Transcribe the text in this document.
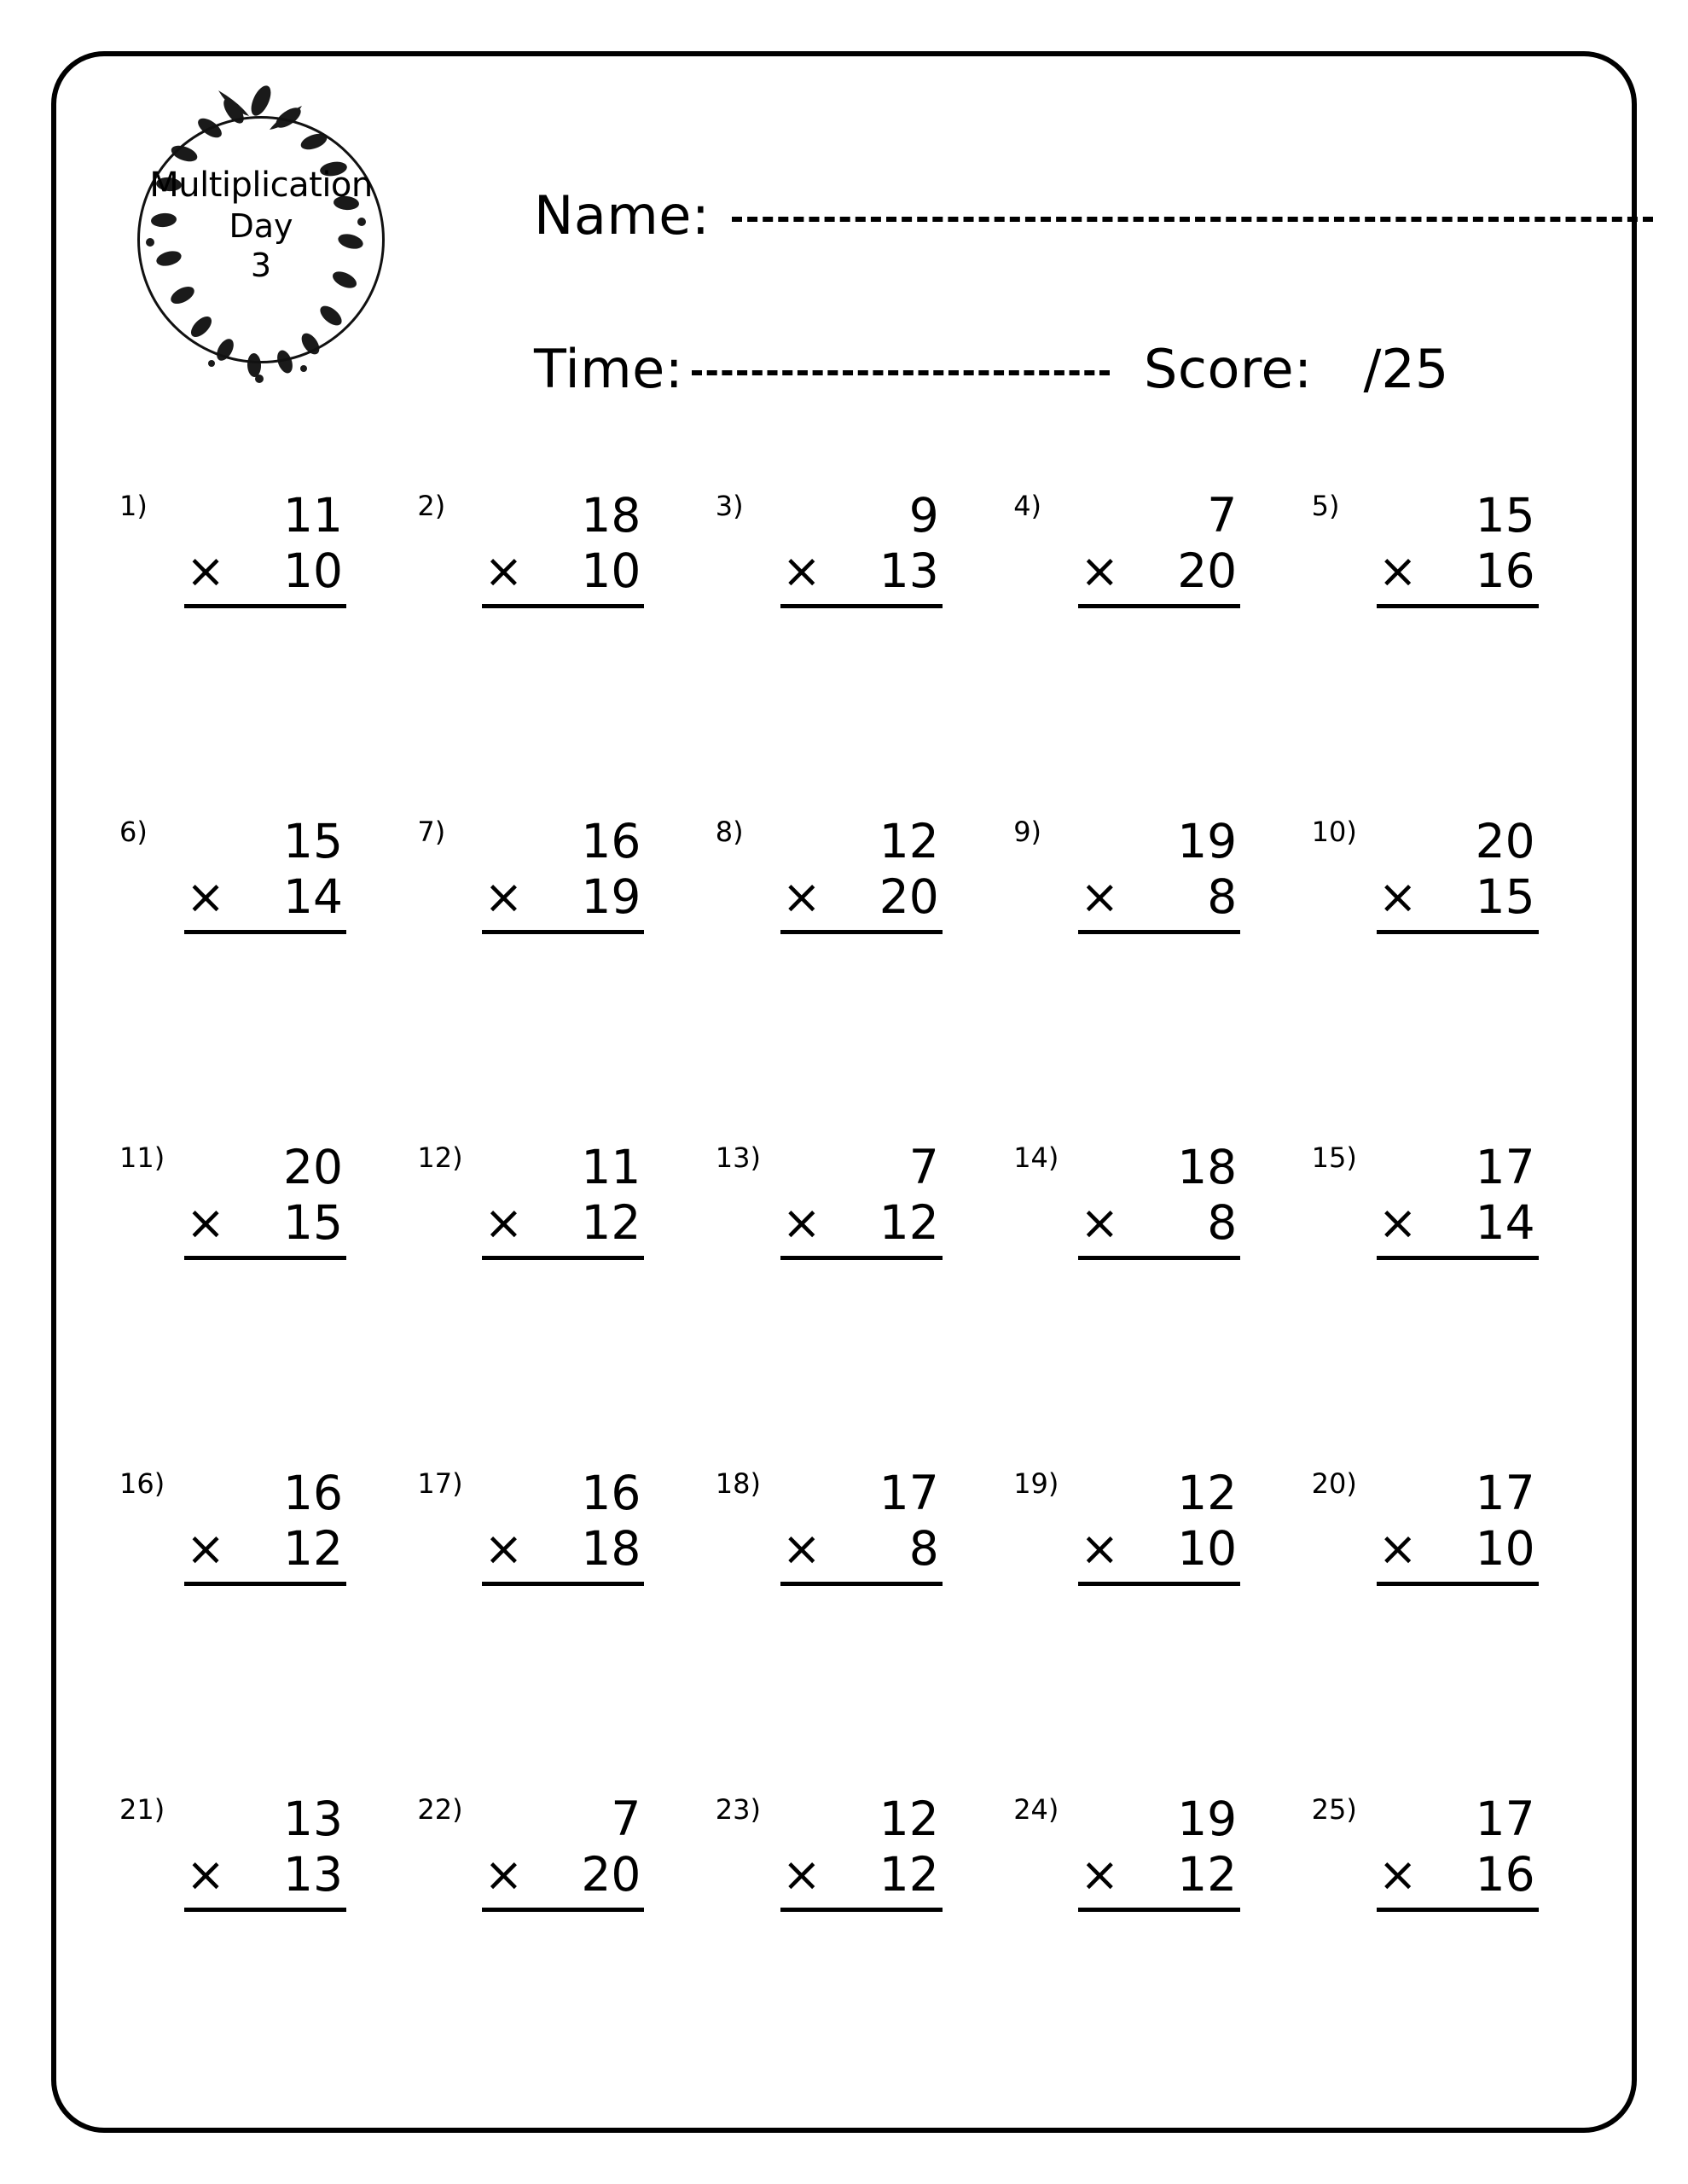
Multiplication
Day
3
Name:
Time:	Score: /25
1)	11
× 10
2)	18
× 10
3)	9
× 13
4)	7
× 20
5)	15
× 16
6)	15
× 14
7)	16
× 19
8)	12
× 20
9)	19
× 8
10)	20
× 15
11)	20
× 15
12)	11
× 12
13)	7
× 12
14)	18
× 8
15)	17
× 14
16)	16
× 12
17)	16
× 18
18)	17
× 8
19)	12
× 10
20)	17
× 10
21)	13
× 13
22)	7
× 20
23)	12
× 12
24)	19
× 12
25)	17
× 16
